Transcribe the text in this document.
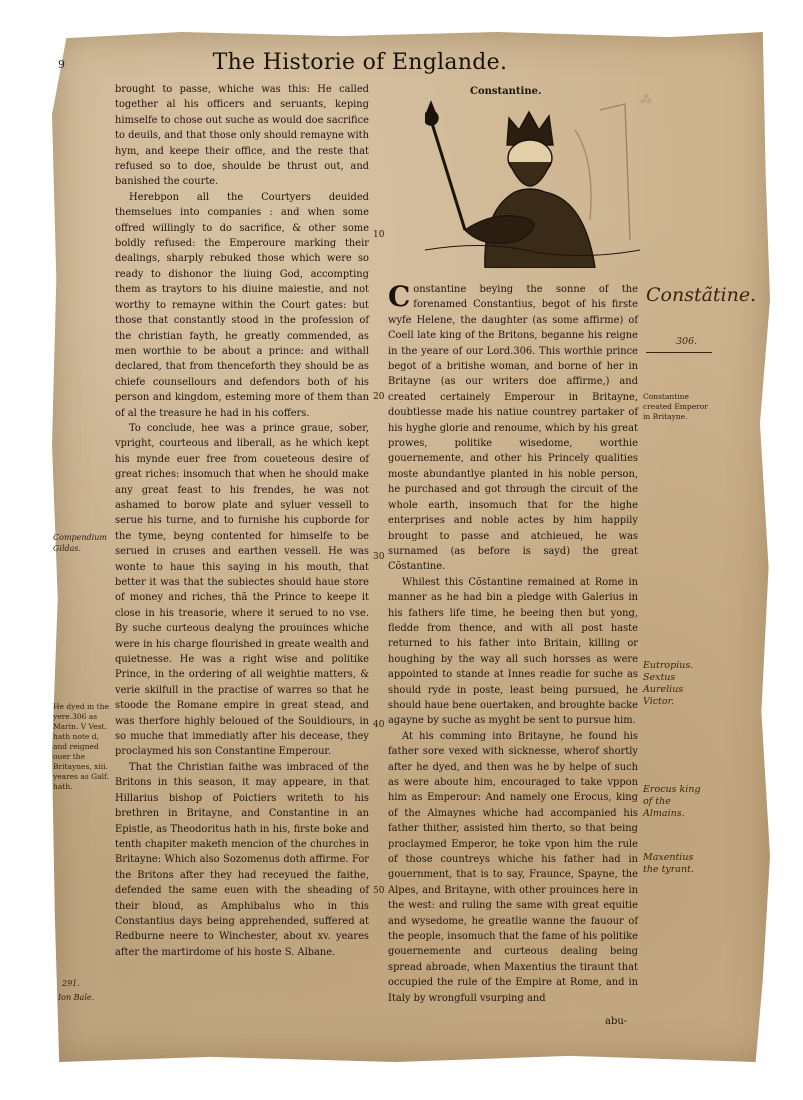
9	The Historie of Englande.
Constantine.
⁂
10
20
30
40
50

brought to passe, whiche was this: He called together al his officers and seruants, keping himselfe to chose out suche as would doe sacrifice to deuils, and that those only should remayne with hym, and keepe their office, and the reste that refused so to doe, shoulde be thrust out, and banished the courte.

Herebpon all the Courtyers deuided themselues into companies : and when some offred willingly to do sacrifice, & other some boldly refused: the Emperoure marking their dealings, sharply rebuked those which were so ready to dishonor the liuing God, accompting them as traytors to his diuine maiestie, and not worthy to remayne within the Court gates: but those that constantly stood in the profession of the christian fayth, he greatly commended, as men worthie to be about a prince: and withall declared, that from thenceforth they should be as chiefe counsellours and defendors both of his person and kingdom, esteming more of them than of al the treasure he had in his coffers.

To conclude, hee was a prince graue, sober, vpright, courteous and liberall, as he which kept his mynde euer free from coueteous desire of great riches: insomuch that when he should make any great feast to his frendes, he was not ashamed to borow plate and syluer vessell to serue his turne, and to furnishe his cupborde for the tyme, beyng contented for himselfe to be serued in cruses and earthen vessell. He was wonte to haue this saying in his mouth, that better it was that the subiectes should haue store of money and riches, thã the Prince to keepe it close in his treasorie, where it serued to no vse. By suche curteous dealyng the prouinces whiche were in his charge flourished in greate wealth and quietnesse. He was a right wise and politike Prince, in the ordering of all weightie matters, & verie skilfull in the practise of warres so that he stoode the Romane empire in great stead, and was therfore highly beloued of the Souldiours, in so muche that immediatly after his decease, they proclaymed his son Constantine Emperour.

That the Christian faithe was imbraced of the Britons in this season, it may appeare, in that Hillarius bishop of Poictiers writeth to his brethren in Britayne, and Constantine in an Epistle, as Theodoritus hath in his, firste boke and tenth chapiter maketh mencion of the churches in Britayne: Which also Sozomenus doth affirme. For the Britons after they had receyued the faithe, defended the same euen with the sheading of their bloud, as Amphibalus who in this Constantius days being apprehended, suffered at Redburne neere to Winchester, about xv. yeares after the martirdome of his hoste S. Albane.

Constantine beying the sonne of the forenamed Constantius, begot of his firste wyfe Helene, the daughter (as some affirme) of Coell late king of the Britons, beganne his reigne in the yeare of our Lord.306. This worthie prince begot of a britishe woman, and borne of her in Britayne (as our writers doe affirme,) and created certainely Emperour in Britayne, doubtlesse made his natiue countrey partaker of his hyghe glorie and renoume, which by his great prowes, politike wisedome, worthie gouernemente, and other his Princely qualities moste abundantlye planted in his noble person, he purchased and got through the circuit of the whole earth, insomuch that for the highe enterprises and noble actes by him happily brought to passe and atchieued, he was surnamed (as before is sayd) the great Cõstantine.

Whilest this Cõstantine remained at Rome in manner as he had bin a pledge with Galerius in his fathers life time, he beeing then but yong, fledde from thence, and with all post haste returned to his father into Britain, killing or houghing by the way all such horsses as were appointed to stande at Innes readie for suche as should ryde in poste, least being pursued, he should haue bene ouertaken, and broughte backe agayne by suche as myght be sent to pursue him.

At his comming into Britayne, he found his father sore vexed with sicknesse, wherof shortly after he dyed, and then was he by helpe of such as were aboute him, encouraged to take vppon him as Emperour: And namely one Erocus, king of the Almaynes whiche had accompanied his father thither, assisted him therto, so that being proclaymed Emperor, he toke vpon him the rule of those countreys whiche his father had in gouernment, that is to say, Fraunce, Spayne, the Alpes, and Britayne, with other prouinces here in the west: and ruling the same with great equitie and wysedome, he greatlie wanne the fauour of the people, insomuch that the fame of his politike gouernemente and curteous dealing being spread abroade, when Maxentius the tiraunt that occupied the rule of the Empire at Rome, and in Italy by wrongfull vsurping and

abu-
Constantine created Emperor in Britayne.
He dyed in the yere.306 as Marin. V Vest. hath note d, and reigned ouer the Britaynes, xiii. yeares as Galf. hath.
Compendium Gildas.
291.
Ion Bale.
Constãtine.
306.
Eutropius. Sextus Aurelius Victor.
Erocus king of the Almains.
Maxentius the tyrant.
